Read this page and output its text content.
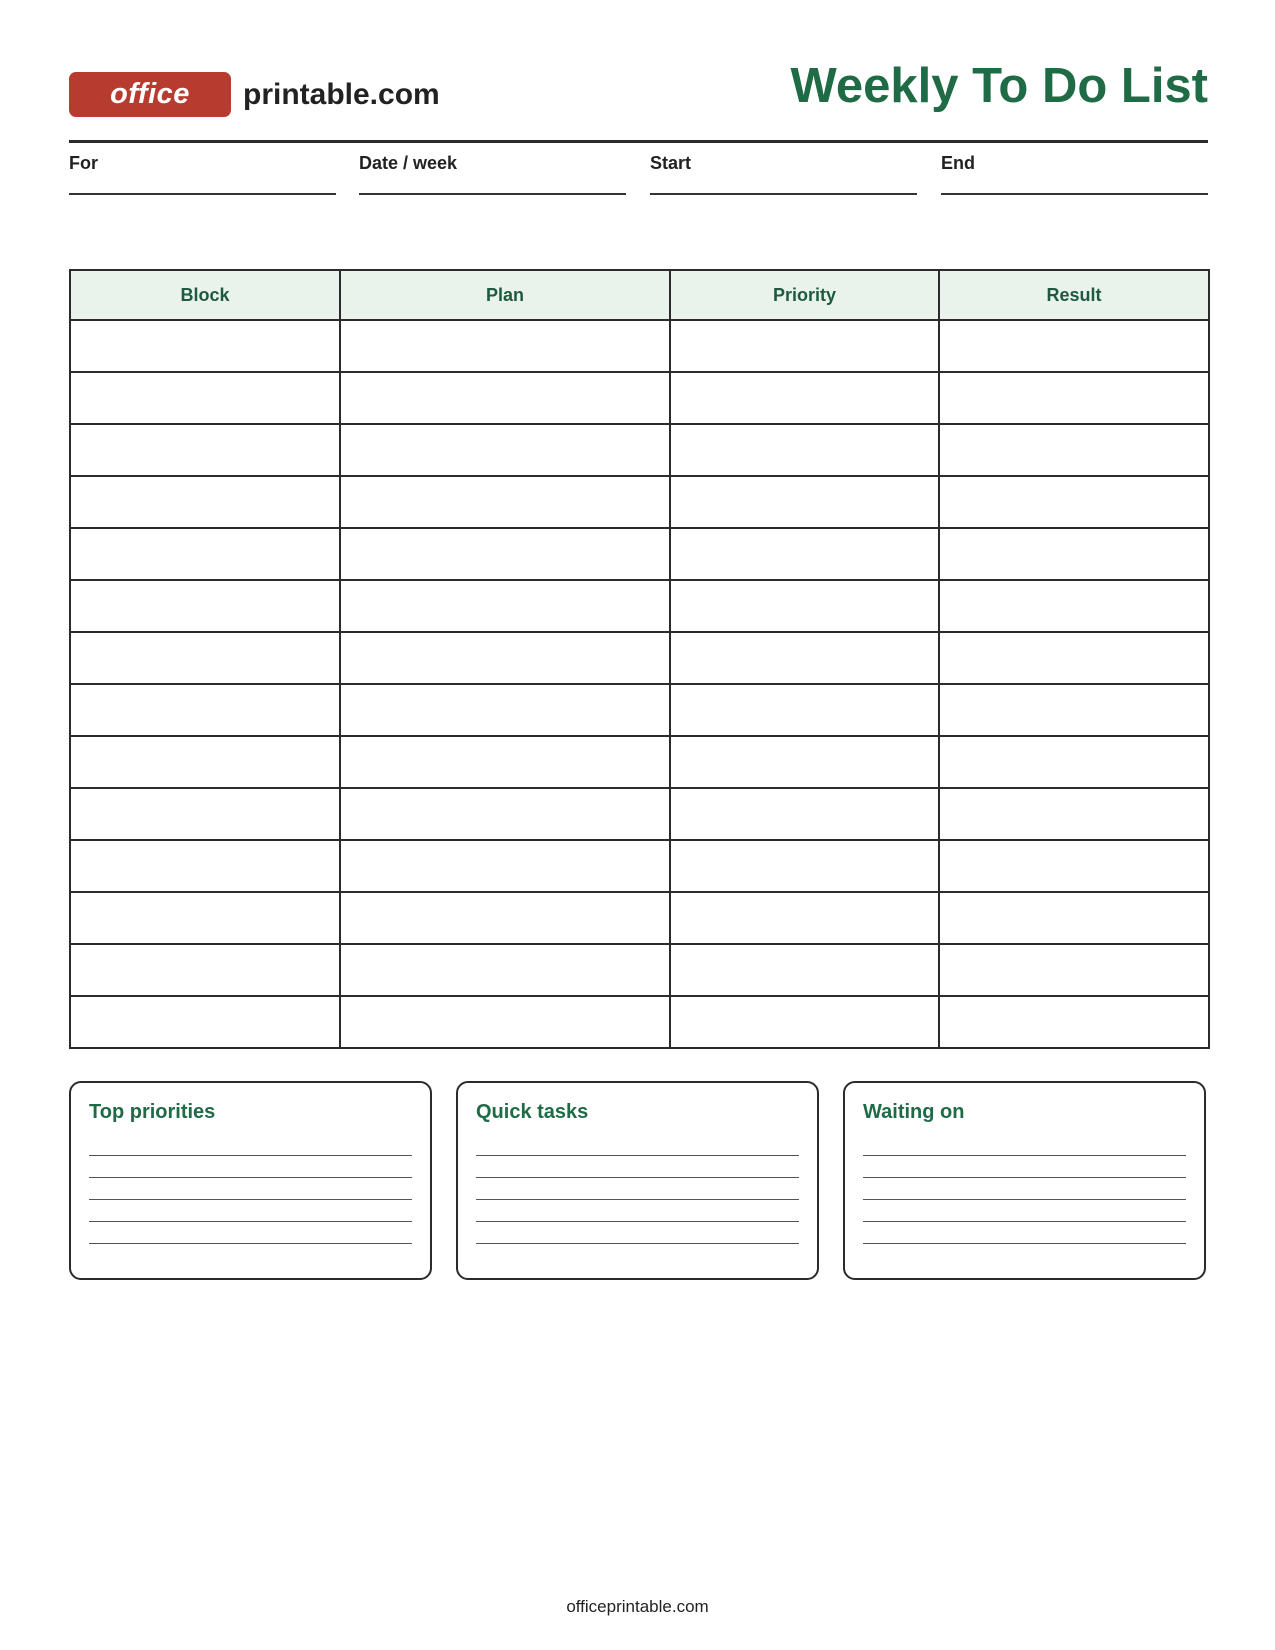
office	printable.com	Weekly To Do List
For	Date / week	Start	End
Block	Plan	Priority	Result

Top priorities	Quick tasks	Waiting on
officeprintable.com
